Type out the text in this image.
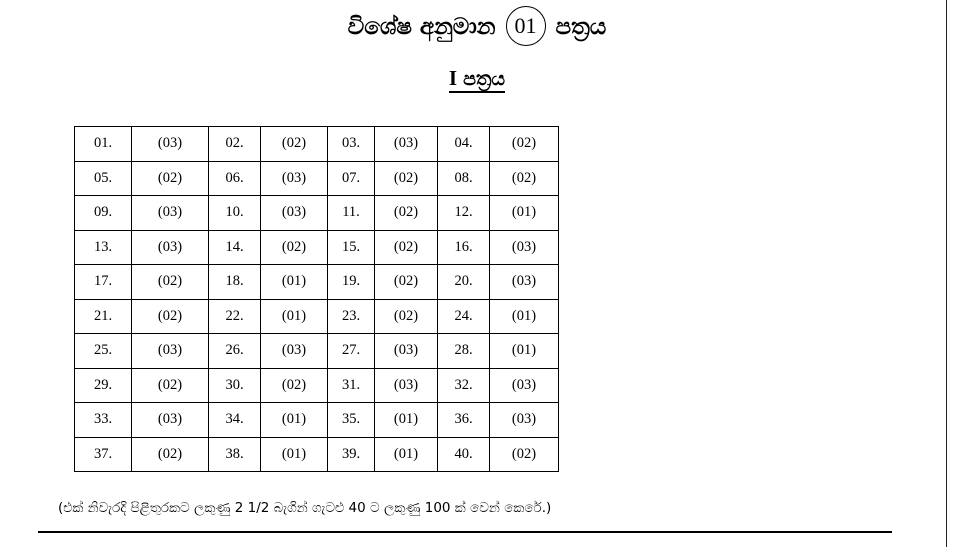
විශේෂ අනුමාන 01 පත්‍රය
I පත්‍රය
01.	(03)	02.	(02)	03.	(03)	04.	(02)
05.	(02)	06.	(03)	07.	(02)	08.	(02)
09.	(03)	10.	(03)	11.	(02)	12.	(01)
13.	(03)	14.	(02)	15.	(02)	16.	(03)
17.	(02)	18.	(01)	19.	(02)	20.	(03)
21.	(02)	22.	(01)	23.	(02)	24.	(01)
25.	(03)	26.	(03)	27.	(03)	28.	(01)
29.	(02)	30.	(02)	31.	(03)	32.	(03)
33.	(03)	34.	(01)	35.	(01)	36.	(03)
37.	(02)	38.	(01)	39.	(01)	40.	(02)
(එක් නිවැරදි පිළිතුරකට ලකුණු 2 1/2 බැගින් ගැටළු 40 ට ලකුණු 100 ක් වෙන් කෙරේ.)
